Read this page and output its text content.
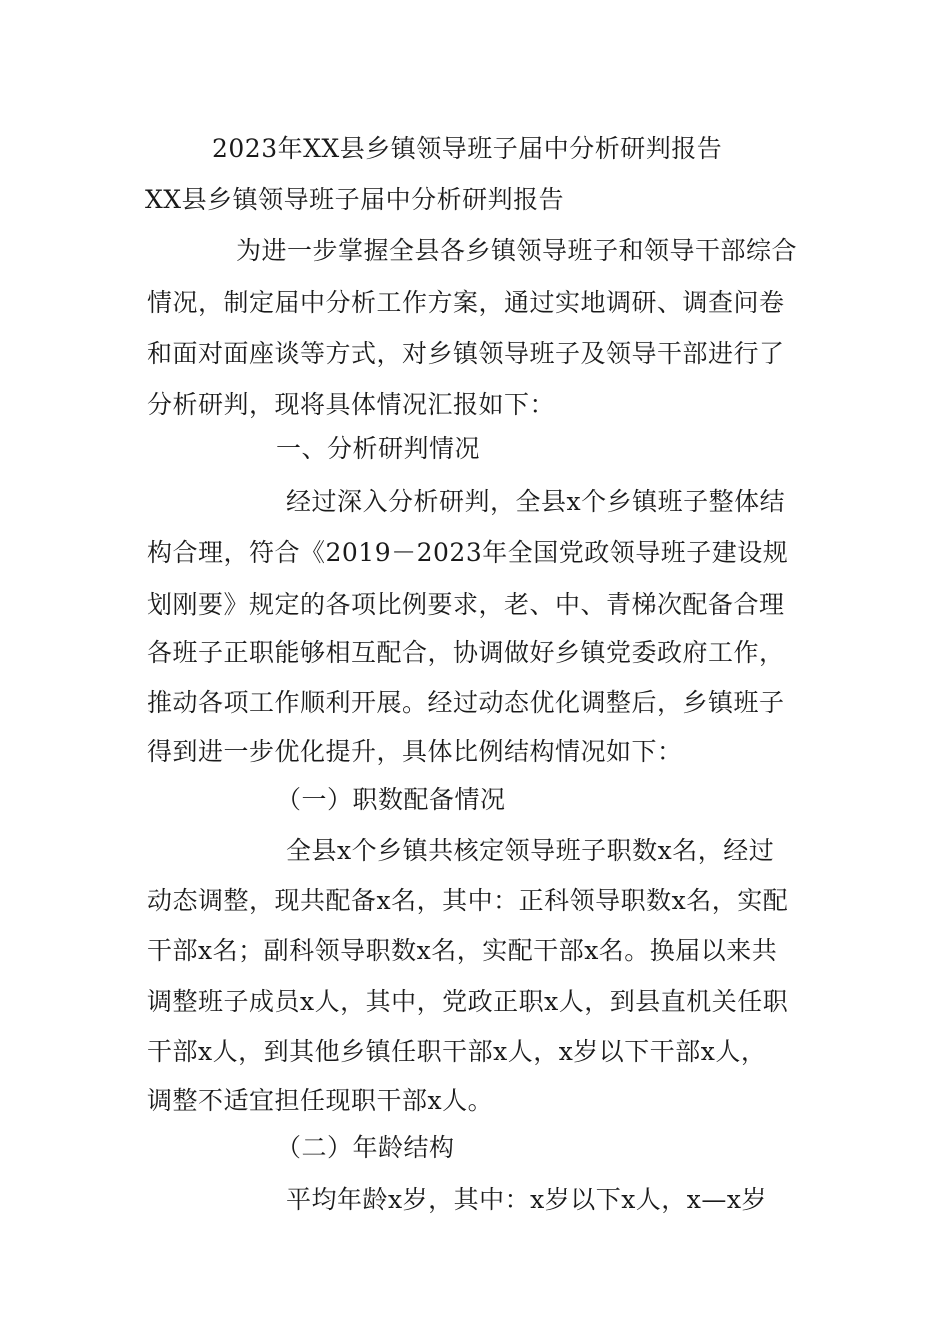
2023年XX县乡镇领导班子届中分析研判报告
XX县乡镇领导班子届中分析研判报告
为进一步掌握全县各乡镇领导班子和领导干部综合
情况，制定届中分析工作方案，通过实地调研、调查问卷
和面对面座谈等方式，对乡镇领导班子及领导干部进行了
分析研判，现将具体情况汇报如下：
一、分析研判情况
经过深入分析研判，全县x个乡镇班子整体结
构合理，符合《2019－2023年全国党政领导班子建设规
划刚要》规定的各项比例要求，老、中、青梯次配备合理
各班子正职能够相互配合，协调做好乡镇党委政府工作，
推动各项工作顺利开展。经过动态优化调整后，乡镇班子
得到进一步优化提升，具体比例结构情况如下：
（一）职数配备情况
全县x个乡镇共核定领导班子职数x名，经过
动态调整，现共配备x名，其中：正科领导职数x名，实配
干部x名；副科领导职数x名，实配干部x名。换届以来共
调整班子成员x人，其中，党政正职x人，到县直机关任职
干部x人，到其他乡镇任职干部x人，x岁以下干部x人，
调整不适宜担任现职干部x人。
（二）年龄结构
平均年龄x岁，其中：x岁以下x人，x—x岁
